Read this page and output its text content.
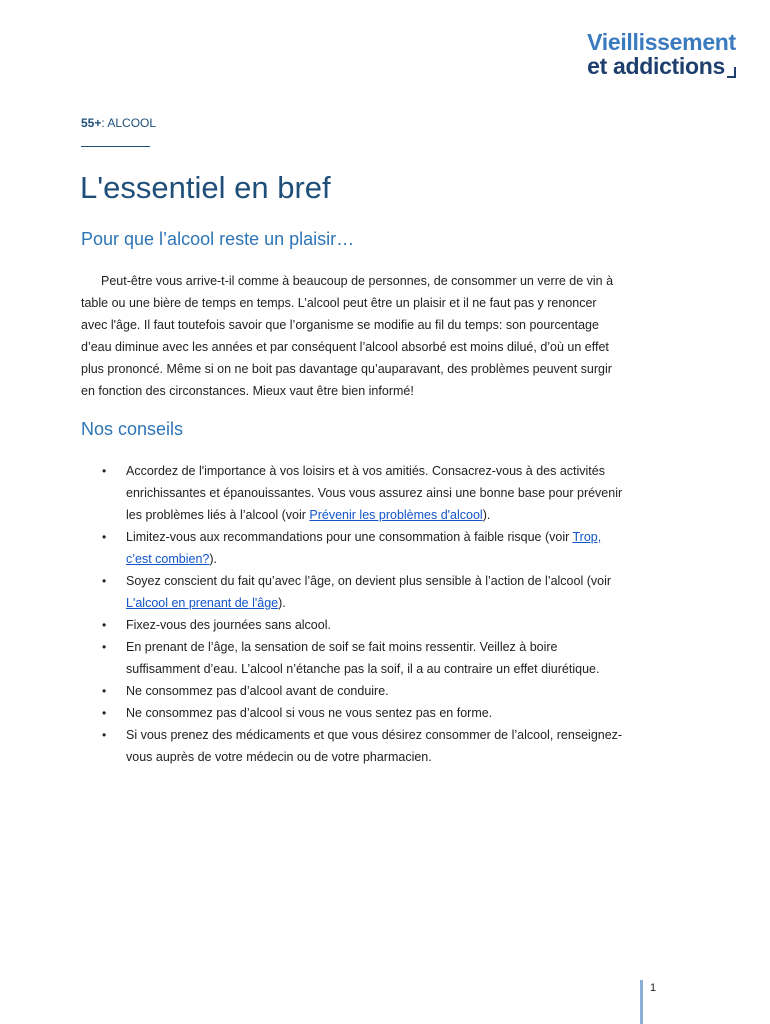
Vieillissement
et addictions
55+: ALCOOL
L'essentiel en bref
Pour que l’alcool reste un plaisir…

Peut-être vous arrive-t-il comme à beaucoup de personnes, de consommer un verre de vin à
table ou une bière de temps en temps. L’alcool peut être un plaisir et il ne faut pas y renoncer
avec l'âge. Il faut toutefois savoir que l’organisme se modifie au fil du temps: son pourcentage
d’eau diminue avec les années et par conséquent l’alcool absorbé est moins dilué, d’où un effet
plus prononcé. Même si on ne boit pas davantage qu’auparavant, des problèmes peuvent surgir
en fonction des circonstances. Mieux vaut être bien informé!

Nos conseils
• Accordez de l'importance à vos loisirs et à vos amitiés. Consacrez-vous à des activités
enrichissantes et épanouissantes. Vous vous assurez ainsi une bonne base pour prévenir
les problèmes liés à l’alcool (voir Prévenir les problèmes d'alcool).
• Limitez-vous aux recommandations pour une consommation à faible risque (voir Trop,
c’est combien?).
• Soyez conscient du fait qu’avec l’âge, on devient plus sensible à l’action de l’alcool (voir
L'alcool en prenant de l'âge).
• Fixez-vous des journées sans alcool.
• En prenant de l’âge, la sensation de soif se fait moins ressentir. Veillez à boire
suffisamment d’eau. L’alcool n’étanche pas la soif, il a au contraire un effet diurétique.
• Ne consommez pas d’alcool avant de conduire.
• Ne consommez pas d’alcool si vous ne vous sentez pas en forme.
• Si vous prenez des médicaments et que vous désirez consommer de l’alcool, renseignez-
vous auprès de votre médecin ou de votre pharmacien.
1
